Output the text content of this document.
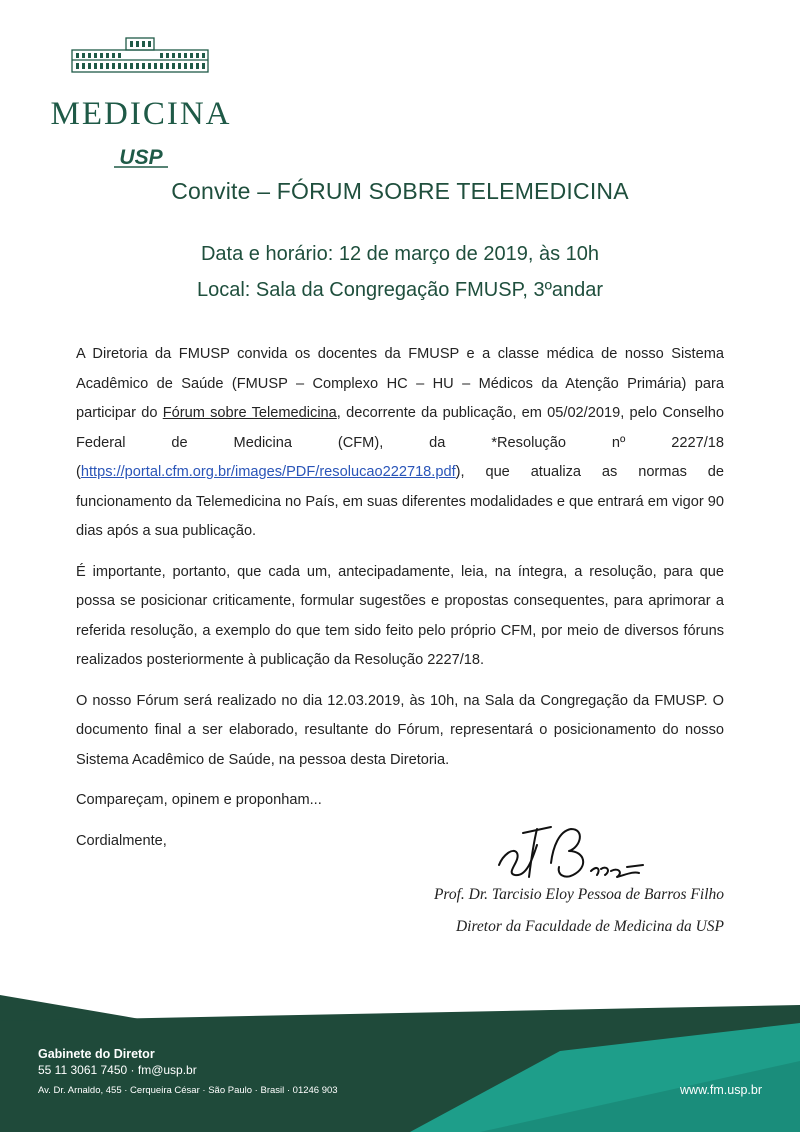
MEDICINA
USP
Convite – FÓRUM SOBRE TELEMEDICINA
Data e horário: 12 de março de 2019, às 10h
Local: Sala da Congregação FMUSP, 3ºandar

A Diretoria da FMUSP convida os docentes da FMUSP e a classe médica de nosso Sistema Acadêmico de Saúde (FMUSP – Complexo HC – HU – Médicos da Atenção Primária) para participar do Fórum sobre Telemedicina, decorrente da publicação, em 05/02/2019, pelo Conselho Federal de Medicina (CFM), da *Resolução nº 2227/18 (https://portal.cfm.org.br/images/PDF/resolucao222718.pdf), que atualiza as normas de funcionamento da Telemedicina no País, em suas diferentes modalidades e que entrará em vigor 90 dias após a sua publicação.

É importante, portanto, que cada um, antecipadamente, leia, na íntegra, a resolução, para que possa se posicionar criticamente, formular sugestões e propostas consequentes, para aprimorar a referida resolução, a exemplo do que tem sido feito pelo próprio CFM, por meio de diversos fóruns realizados posteriormente à publicação da Resolução 2227/18.

O nosso Fórum será realizado no dia 12.03.2019, às 10h, na Sala da Congregação da FMUSP. O documento final a ser elaborado, resultante do Fórum, representará o posicionamento do nosso Sistema Acadêmico de Saúde, na pessoa desta Diretoria.

Compareçam, opinem e proponham...

Cordialmente,

Prof. Dr. Tarcisio Eloy Pessoa de Barros Filho
Diretor da Faculdade de Medicina da USP
Gabinete do Diretor
55 11 3061 7450 · fm@usp.br
Av. Dr. Arnaldo, 455 · Cerqueira César · São Paulo · Brasil · 01246 903	www.fm.usp.br
